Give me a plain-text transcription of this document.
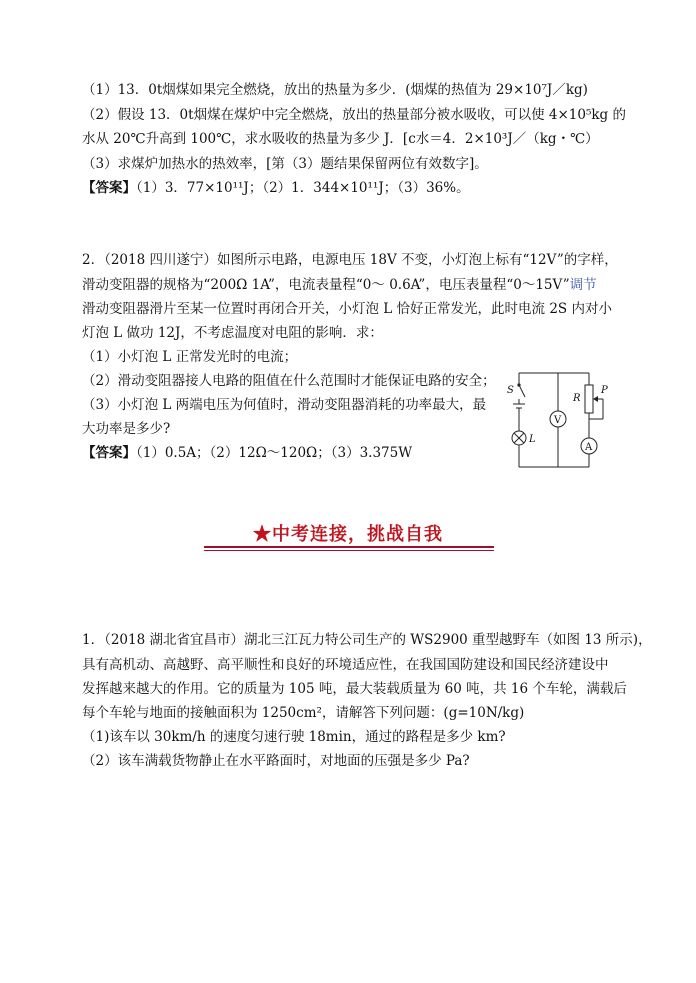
（1）13．0t烟煤如果完全燃烧，放出的热量为多少．(烟煤的热值为 29×10⁷J／kg)
（2）假设 13．0t烟煤在煤炉中完全燃烧，放出的热量部分被水吸收，可以使 4×10⁵kg 的
水从 20℃升高到 100℃，求水吸收的热量为多少 J．[c水＝4．2×10³J／（kg・℃）
（3）求煤炉加热水的热效率，[第（3）题结果保留两位有效数字]。
【答案】（1）3．77×10¹¹J；（2）1．344×10¹¹J；（3）36%。
2．（2018 四川遂宁）如图所示电路，电源电压 18V 不变，小灯泡上标有“12V”的字样，
滑动变阻器的规格为“200Ω 1A”，电流表量程“0～ 0.6A”，电压表量程“0～15V”调节
滑动变阻器滑片至某一位置时再闭合开关，小灯泡 L 恰好正常发光，此时电流 2S 内对小
灯泡 L 做功 12J，不考虑温度对电阻的影响．求：
（1）小灯泡 L 正常发光时的电流；
（2）滑动变阻器接人电路的阻值在什么范围时才能保证电路的安全；
（3）小灯泡 L 两端电压为何值时，滑动变阻器消耗的功率最大，最
大功率是多少?
【答案】（1）0.5A；（2）12Ω～120Ω；（3）3.375W
S
L
V
R
P
A
★中考连接，挑战自我
1．（2018 湖北省宜昌市）湖北三江瓦力特公司生产的 WS2900 重型越野车（如图 13 所示)，
具有高机动、高越野、高平顺性和良好的环境适应性，在我国国防建设和国民经济建设中
发挥越来越大的作用。它的质量为 105 吨，最大装载质量为 60 吨，共 16 个车轮，满载后
每个车轮与地面的接触面积为 1250cm²，请解答下列问题：(g=10N/kg)
（1)该车以 30km/h 的速度匀速行驶 18min，通过的路程是多少 km?
（2）该车满载货物静止在水平路面时，对地面的压强是多少 Pa?
